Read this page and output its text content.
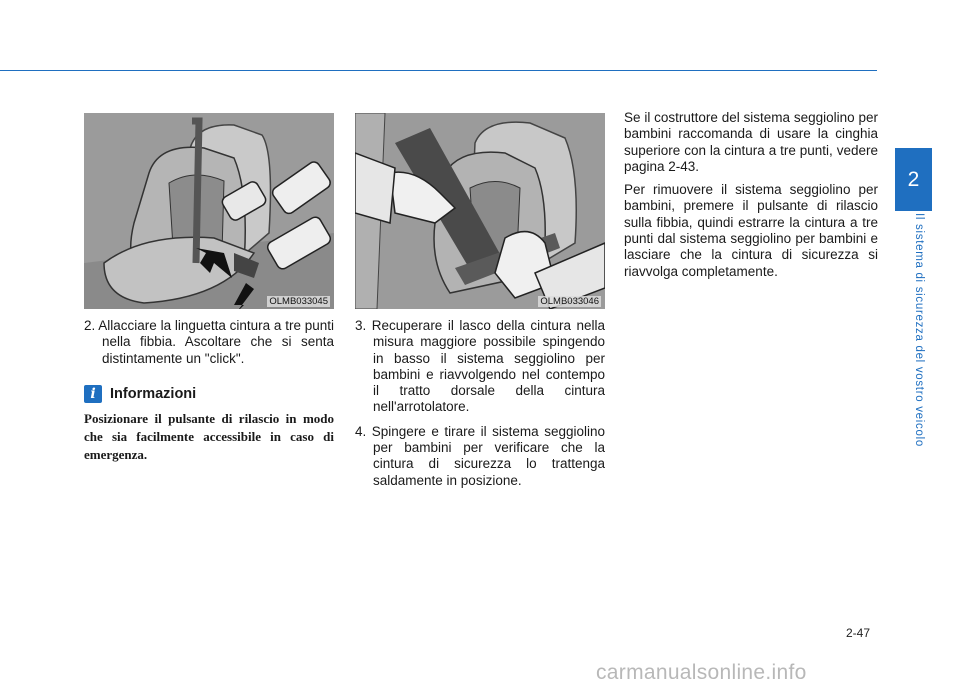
2
Il sistema di sicurezza del vostro veicolo
OLMB033045	OLMB033046
2. Allacciare la linguetta cintura a tre punti nella fibbia. Ascoltare che si senta distintamente un "click".
i Informazioni
Posizionare il pulsante di rilascio in modo che sia facilmente accessibile in caso di emergenza.
3. Recuperare il lasco della cintura nella misura maggiore possibile spingendo in basso il sistema seggiolino per bambini e riavvolgendo nel contempo il tratto dorsale della cintura nell'arrotolatore.
4. Spingere e tirare il sistema seggiolino per bambini per verificare che la cintura di sicurezza lo trattenga saldamente in posizione.

Se il costruttore del sistema seggiolino per bambini raccomanda di usare la cinghia superiore con la cintura a tre punti, vedere pagina 2-43.

Per rimuovere il sistema seggiolino per bambini, premere il pulsante di rilascio sulla fibbia, quindi estrarre la cintura a tre punti dal sistema seggiolino per bambini e lasciare che la cintura di sicurezza si riavvolga completamente.

2-47
carmanualsonline.info
